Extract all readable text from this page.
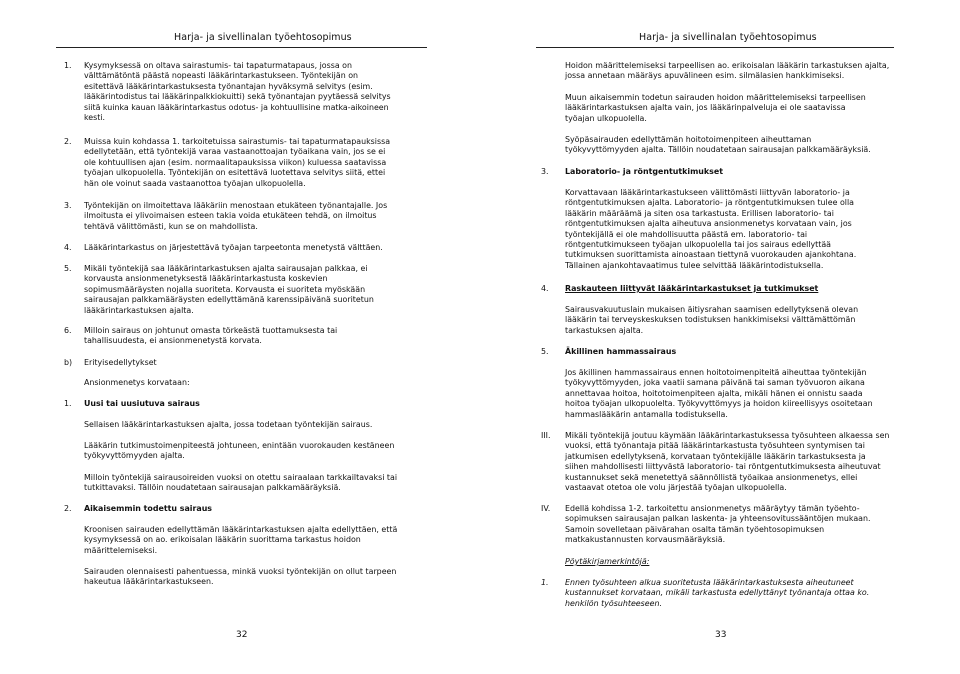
Harja- ja sivellinalan työehtosopimus
1. Kysymyksessä on oltava sairastumis- tai tapaturmatapaus, jossa on
välttämätöntä päästä nopeasti lääkärintarkastukseen. Työntekijän on
esitettävä lääkärintarkastuksesta työnantajan hyväksymä selvitys (esim.
lääkärintodistus tai lääkärinpalkkiokuitti) sekä työnantajan pyytäessä selvitys
siitä kuinka kauan lääkärintarkastus odotus- ja kohtuullisine matka-aikoineen
kesti.
2. Muissa kuin kohdassa 1. tarkoitetuissa sairastumis- tai tapaturmatapauksissa
edellytetään, että työntekijä varaa vastaanottoajan työaikana vain, jos se ei
ole kohtuullisen ajan (esim. normaalitapauksissa viikon) kuluessa saatavissa
työajan ulkopuolella. Työntekijän on esitettävä luotettava selvitys siitä, ettei
hän ole voinut saada vastaanottoa työajan ulkopuolella.
3. Työntekijän on ilmoitettava lääkäriin menostaan etukäteen työnantajalle. Jos
ilmoitusta ei ylivoimaisen esteen takia voida etukäteen tehdä, on ilmoitus
tehtävä välittömästi, kun se on mahdollista.
4. Lääkärintarkastus on järjestettävä työajan tarpeetonta menetystä välttäen.
5. Mikäli työntekijä saa lääkärintarkastuksen ajalta sairausajan palkkaa, ei
korvausta ansionmenetyksestä lääkärintarkastusta koskevien
sopimusmääräysten nojalla suoriteta. Korvausta ei suoriteta myöskään
sairausajan palkkamääräysten edellyttämänä karenssipäivänä suoritetun
lääkärintarkastuksen ajalta.
6. Milloin sairaus on johtunut omasta törkeästä tuottamuksesta tai
tahallisuudesta, ei ansionmenetystä korvata.
b) Erityisedellytykset
Ansionmenetys korvataan:
1. Uusi tai uusiutuva sairaus
Sellaisen lääkärintarkastuksen ajalta, jossa todetaan työntekijän sairaus.
Lääkärin tutkimustoimenpiteestä johtuneen, enintään vuorokauden kestäneen
työkyvyttömyyden ajalta.
Milloin työntekijä sairausoireiden vuoksi on otettu sairaalaan tarkkailtavaksi tai
tutkittavaksi. Tällöin noudatetaan sairausajan palkkamääräyksiä.
2. Aikaisemmin todettu sairaus
Kroonisen sairauden edellyttämän lääkärintarkastuksen ajalta edellyttäen, että
kysymyksessä on ao. erikoisalan lääkärin suorittama tarkastus hoidon
määrittelemiseksi.
Sairauden olennaisesti pahentuessa, minkä vuoksi työntekijän on ollut tarpeen
hakeutua lääkärintarkastukseen.
32
Harja- ja sivellinalan työehtosopimus
Hoidon määrittelemiseksi tarpeellisen ao. erikoisalan lääkärin tarkastuksen ajalta,
jossa annetaan määräys apuvälineen esim. silmälasien hankkimiseksi.
Muun aikaisemmin todetun sairauden hoidon määrittelemiseksi tarpeellisen
lääkärintarkastuksen ajalta vain, jos lääkärinpalveluja ei ole saatavissa
työajan ulkopuolella.
Syöpäsairauden edellyttämän hoitotoimenpiteen aiheuttaman
työkyvyttömyyden ajalta. Tällöin noudatetaan sairausajan palkkamääräyksiä.
3. Laboratorio- ja röntgentutkimukset
Korvattavaan lääkärintarkastukseen välittömästi liittyvän laboratorio- ja
röntgentutkimuksen ajalta. Laboratorio- ja röntgentutkimuksen tulee olla
lääkärin määräämä ja siten osa tarkastusta. Erillisen laboratorio- tai
röntgentutkimuksen ajalta aiheutuva ansionmenetys korvataan vain, jos
työntekijällä ei ole mahdollisuutta päästä em. laboratorio- tai
röntgentutkimukseen työajan ulkopuolella tai jos sairaus edellyttää
tutkimuksen suorittamista ainoastaan tiettynä vuorokauden ajankohtana.
Tällainen ajankohtavaatimus tulee selvittää lääkärintodistuksella.
4. Raskauteen liittyvät lääkärintarkastukset ja tutkimukset
Sairausvakuutuslain mukaisen äitiysrahan saamisen edellytyksenä olevan
lääkärin tai terveyskeskuksen todistuksen hankkimiseksi välttämättömän
tarkastuksen ajalta.
5. Äkillinen hammassairaus
Jos äkillinen hammassairaus ennen hoitotoimenpiteitä aiheuttaa työntekijän
työkyvyttömyyden, joka vaatii samana päivänä tai saman työvuoron aikana
annettavaa hoitoa, hoitotoimenpiteen ajalta, mikäli hänen ei onnistu saada
hoitoa työajan ulkopuolelta. Työkyvyttömyys ja hoidon kiireellisyys osoitetaan
hammaslääkärin antamalla todistuksella.
III. Mikäli työntekijä joutuu käymään lääkärintarkastuksessa työsuhteen alkaessa sen
vuoksi, että työnantaja pitää lääkärintarkastusta työsuhteen syntymisen tai
jatkumisen edellytyksenä, korvataan työntekijälle lääkärin tarkastuksesta ja
siihen mahdollisesti liittyvästä laboratorio- tai röntgentutkimuksesta aiheutuvat
kustannukset sekä menetettyä säännöllistä työaikaa ansionmenetys, ellei
vastaavat otetoa ole volu järjestää työajan ulkopuolella.
IV. Edellä kohdissa 1-2. tarkoitettu ansionmenetys määräytyy tämän työehto-
sopimuksen sairausajan palkan laskenta- ja yhteensovitussääntöjen mukaan.
Samoin sovelletaan päivärahan osalta tämän työehtosopimuksen
matkakustannusten korvausmääräyksiä.
Pöytäkirjamerkintöjä:
1. Ennen työsuhteen alkua suoritetusta lääkärintarkastuksesta aiheutuneet
kustannukset korvataan, mikäli tarkastusta edellyttänyt työnantaja ottaa ko.
henkilön työsuhteeseen.
33
